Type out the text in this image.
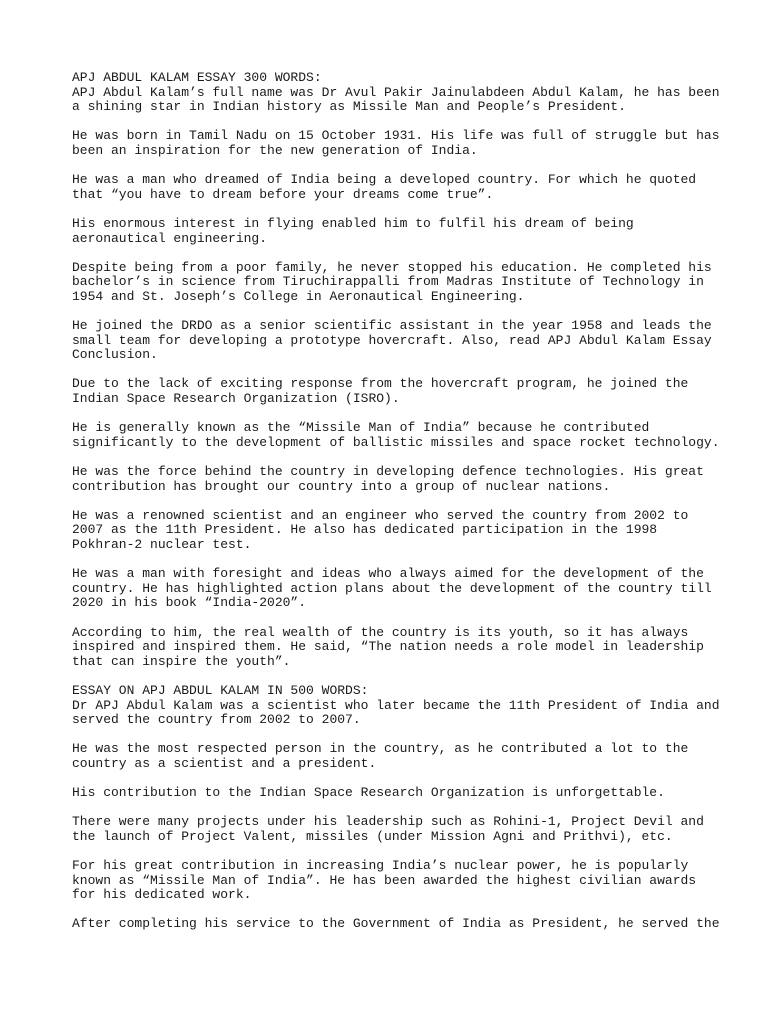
APJ ABDUL KALAM ESSAY 300 WORDS:
APJ Abdul Kalam’s full name was Dr Avul Pakir Jainulabdeen Abdul Kalam, he has been
a shining star in Indian history as Missile Man and People’s President.
He was born in Tamil Nadu on 15 October 1931. His life was full of struggle but has
been an inspiration for the new generation of India.
He was a man who dreamed of India being a developed country. For which he quoted
that “you have to dream before your dreams come true”.
His enormous interest in flying enabled him to fulfil his dream of being
aeronautical engineering.
Despite being from a poor family, he never stopped his education. He completed his
bachelor’s in science from Tiruchirappalli from Madras Institute of Technology in
1954 and St. Joseph’s College in Aeronautical Engineering.
He joined the DRDO as a senior scientific assistant in the year 1958 and leads the
small team for developing a prototype hovercraft. Also, read APJ Abdul Kalam Essay
Conclusion.
Due to the lack of exciting response from the hovercraft program, he joined the
Indian Space Research Organization (ISRO).
He is generally known as the “Missile Man of India” because he contributed
significantly to the development of ballistic missiles and space rocket technology.
He was the force behind the country in developing defence technologies. His great
contribution has brought our country into a group of nuclear nations.
He was a renowned scientist and an engineer who served the country from 2002 to
2007 as the 11th President. He also has dedicated participation in the 1998
Pokhran-2 nuclear test.
He was a man with foresight and ideas who always aimed for the development of the
country. He has highlighted action plans about the development of the country till
2020 in his book “India-2020”.
According to him, the real wealth of the country is its youth, so it has always
inspired and inspired them. He said, “The nation needs a role model in leadership
that can inspire the youth”.
ESSAY ON APJ ABDUL KALAM IN 500 WORDS:
Dr APJ Abdul Kalam was a scientist who later became the 11th President of India and
served the country from 2002 to 2007.
He was the most respected person in the country, as he contributed a lot to the
country as a scientist and a president.
His contribution to the Indian Space Research Organization is unforgettable.
There were many projects under his leadership such as Rohini-1, Project Devil and
the launch of Project Valent, missiles (under Mission Agni and Prithvi), etc.
For his great contribution in increasing India’s nuclear power, he is popularly
known as “Missile Man of India”. He has been awarded the highest civilian awards
for his dedicated work.
After completing his service to the Government of India as President, he served the
